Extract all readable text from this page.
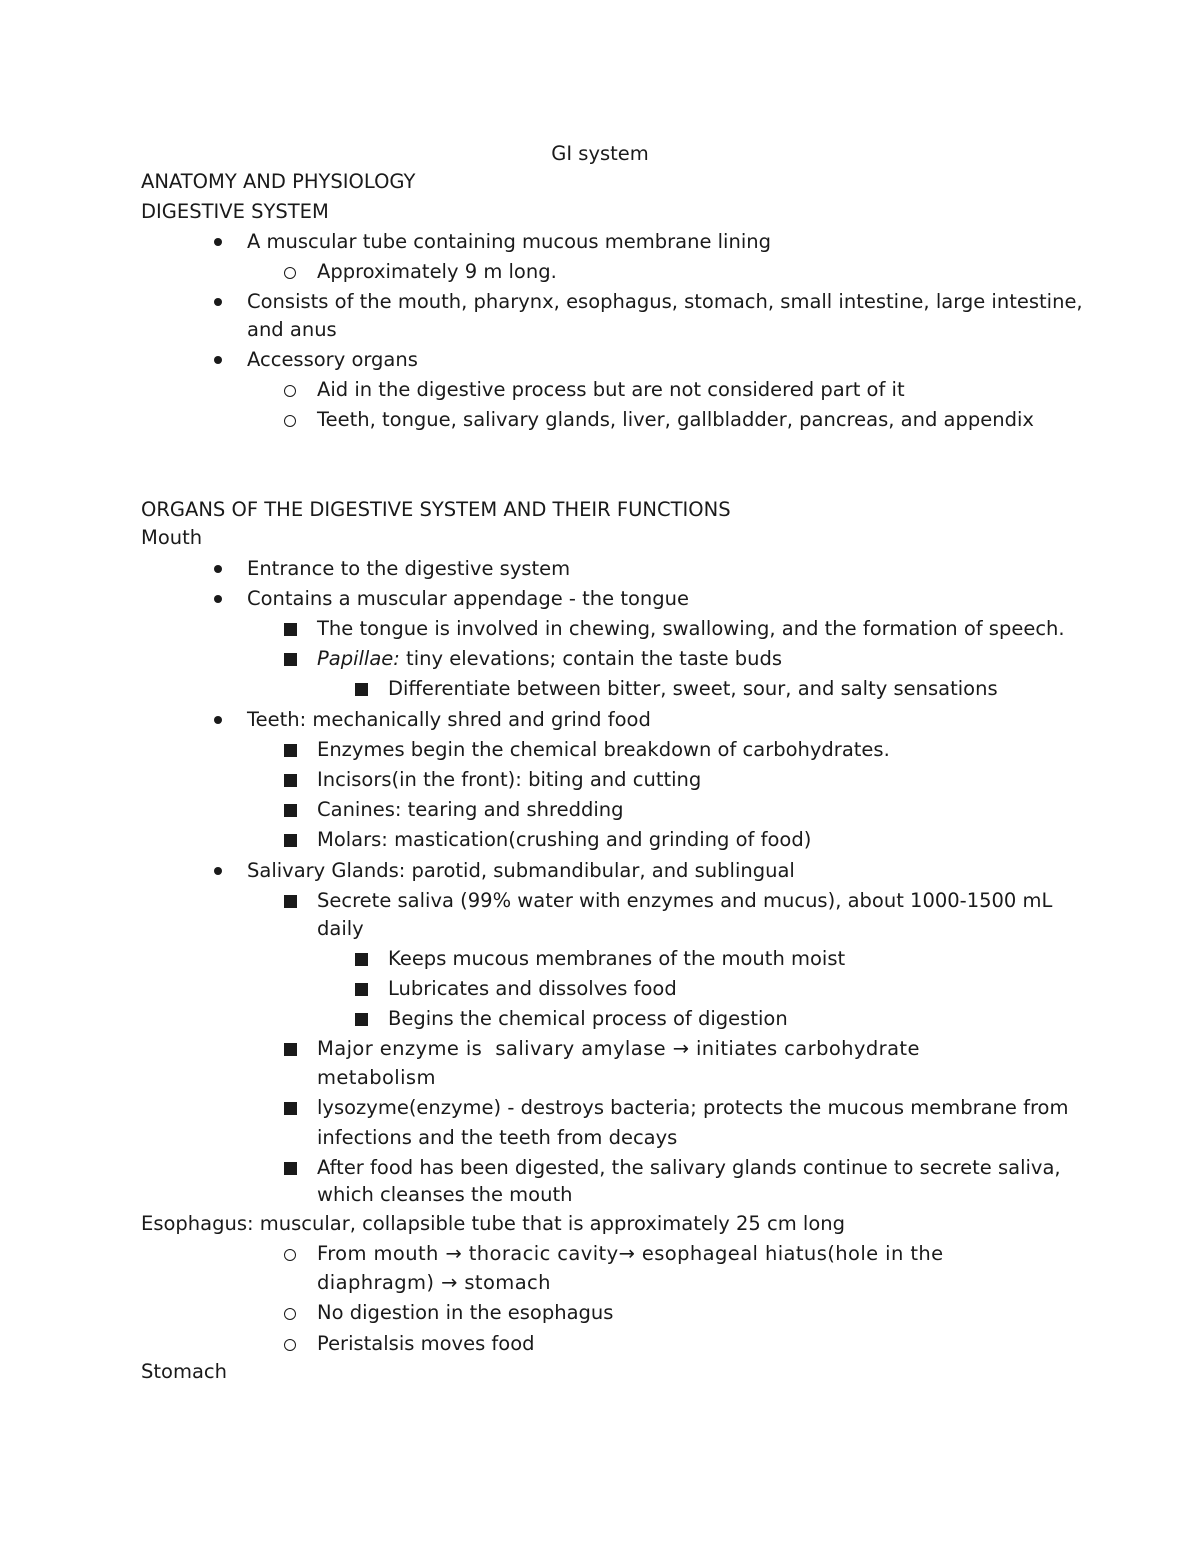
GI system
ANATOMY AND PHYSIOLOGY
DIGESTIVE SYSTEM
A muscular tube containing mucous membrane lining
Approximately 9 m long.
Consists of the mouth, pharynx, esophagus, stomach, small intestine, large intestine,
and anus
Accessory organs
Aid in the digestive process but are not considered part of it
Teeth, tongue, salivary glands, liver, gallbladder, pancreas, and appendix
ORGANS OF THE DIGESTIVE SYSTEM AND THEIR FUNCTIONS
Mouth
Entrance to the digestive system
Contains a muscular appendage - the tongue
The tongue is involved in chewing, swallowing, and the formation of speech.
Papillae: tiny elevations; contain the taste buds
Differentiate between bitter, sweet, sour, and salty sensations
Teeth: mechanically shred and grind food
Enzymes begin the chemical breakdown of carbohydrates.
Incisors(in the front): biting and cutting
Canines: tearing and shredding
Molars: mastication(crushing and grinding of food)
Salivary Glands: parotid, submandibular, and sublingual
Secrete saliva (99% water with enzymes and mucus), about 1000-1500 mL
daily
Keeps mucous membranes of the mouth moist
Lubricates and dissolves food
Begins the chemical process of digestion
Major enzyme is  salivary amylase → initiates carbohydrate
metabolism
lysozyme(enzyme) - destroys bacteria; protects the mucous membrane from
infections and the teeth from decays
After food has been digested, the salivary glands continue to secrete saliva,
which cleanses the mouth
Esophagus: muscular, collapsible tube that is approximately 25 cm long
From mouth → thoracic cavity→ esophageal hiatus(hole in the
diaphragm) → stomach
No digestion in the esophagus
Peristalsis moves food
Stomach
